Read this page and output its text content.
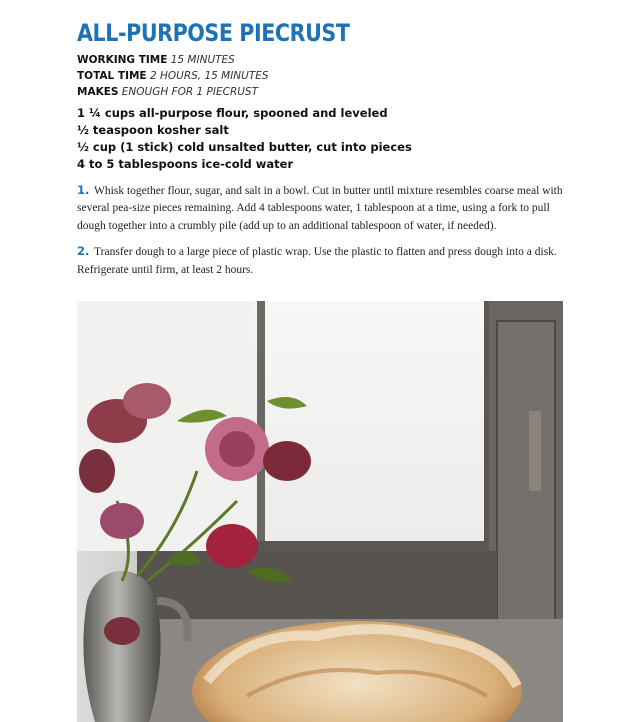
ALL-PURPOSE PIECRUST
WORKING TIME 15 MINUTES
TOTAL TIME 2 HOURS, 15 MINUTES
MAKES ENOUGH FOR 1 PIECRUST
1 ¼ cups all-purpose flour, spooned and leveled
½ teaspoon kosher salt
½ cup (1 stick) cold unsalted butter, cut into pieces
4 to 5 tablespoons ice-cold water

1. Whisk together flour, sugar, and salt in a bowl. Cut in butter until mixture resembles coarse meal with several pea-size pieces remaining. Add 4 tablespoons water, 1 tablespoon at a time, using a fork to pull dough together into a crumbly pile (add up to an additional tablespoon of water, if needed).

2. Transfer dough to a large piece of plastic wrap. Use the plastic to flatten and press dough into a disk. Refrigerate until firm, at least 2 hours.
